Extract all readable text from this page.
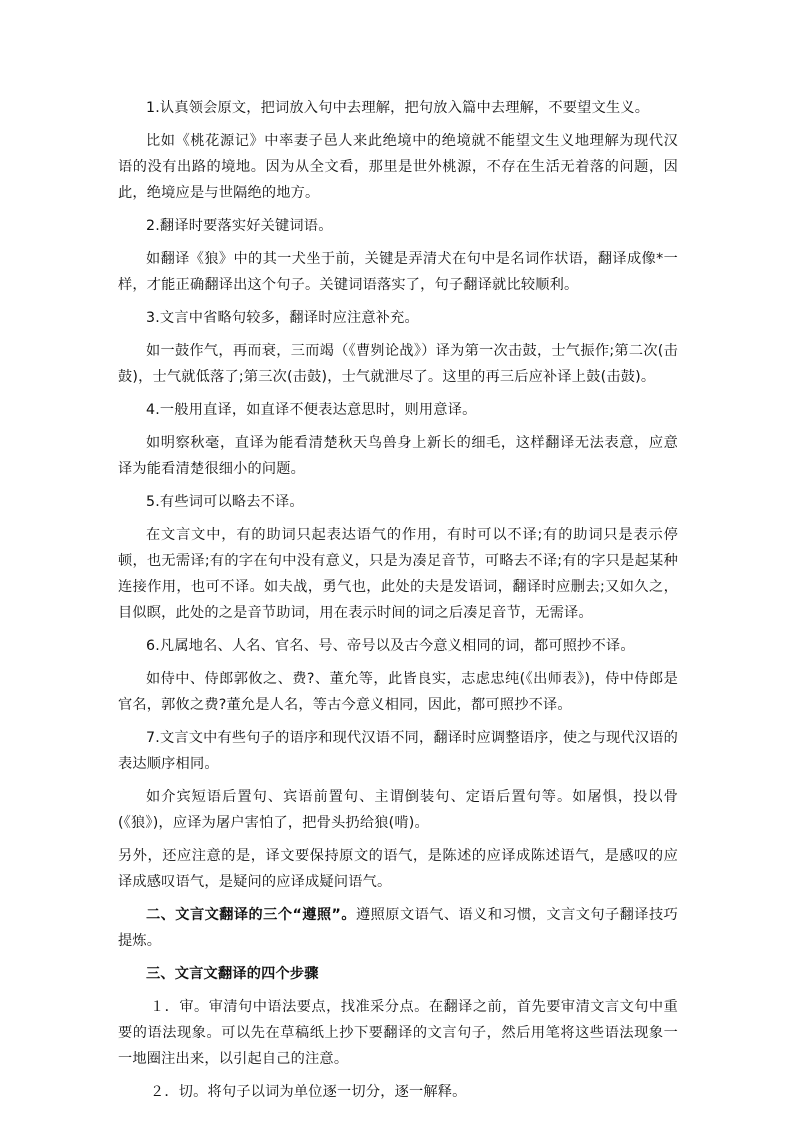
1.认真领会原文，把词放入句中去理解，把句放入篇中去理解，不要望文生义。

比如《桃花源记》中率妻子邑人来此绝境中的绝境就不能望文生义地理解为现代汉语的没有出路的境地。因为从全文看，那里是世外桃源，不存在生活无着落的问题，因此，绝境应是与世隔绝的地方。

2.翻译时要落实好关键词语。

如翻译《狼》中的其一犬坐于前，关键是弄清犬在句中是名词作状语，翻译成像*一样，才能正确翻译出这个句子。关键词语落实了，句子翻译就比较顺利。

3.文言中省略句较多，翻译时应注意补充。

如一鼓作气，再而衰，三而竭（《曹刿论战》）译为第一次击鼓，士气振作;第二次(击鼓)，士气就低落了;第三次(击鼓)，士气就泄尽了。这里的再三后应补译上鼓(击鼓)。

4.一般用直译，如直译不便表达意思时，则用意译。

如明察秋毫，直译为能看清楚秋天鸟兽身上新长的细毛，这样翻译无法表意，应意译为能看清楚很细小的问题。

5.有些词可以略去不译。

在文言文中，有的助词只起表达语气的作用，有时可以不译;有的助词只是表示停顿，也无需译;有的字在句中没有意义，只是为凑足音节，可略去不译;有的字只是起某种连接作用，也可不译。如夫战，勇气也，此处的夫是发语词，翻译时应删去;又如久之，目似瞑，此处的之是音节助词，用在表示时间的词之后凑足音节，无需译。

6.凡属地名、人名、官名、号、帝号以及古今意义相同的词，都可照抄不译。

如侍中、侍郎郭攸之、费?、董允等，此皆良实，志虑忠纯(《出师表》)，侍中侍郎是官名，郭攸之费?董允是人名，等古今意义相同，因此，都可照抄不译。

7.文言文中有些句子的语序和现代汉语不同，翻译时应调整语序，使之与现代汉语的表达顺序相同。

如介宾短语后置句、宾语前置句、主谓倒装句、定语后置句等。如屠惧，投以骨(《狼》)，应译为屠户害怕了，把骨头扔给狼(啃)。

另外，还应注意的是，译文要保持原文的语气，是陈述的应译成陈述语气，是感叹的应译成感叹语气，是疑问的应译成疑问语气。

二、文言文翻译的三个“遵照”。遵照原文语气、语义和习惯，文言文句子翻译技巧提炼。

三、文言文翻译的四个步骤

１．审。审清句中语法要点，找准采分点。在翻译之前，首先要审清文言文句中重要的语法现象。可以先在草稿纸上抄下要翻译的文言句子，然后用笔将这些语法现象一一地圈注出来，以引起自己的注意。

２．切。将句子以词为单位逐一切分，逐一解释。
